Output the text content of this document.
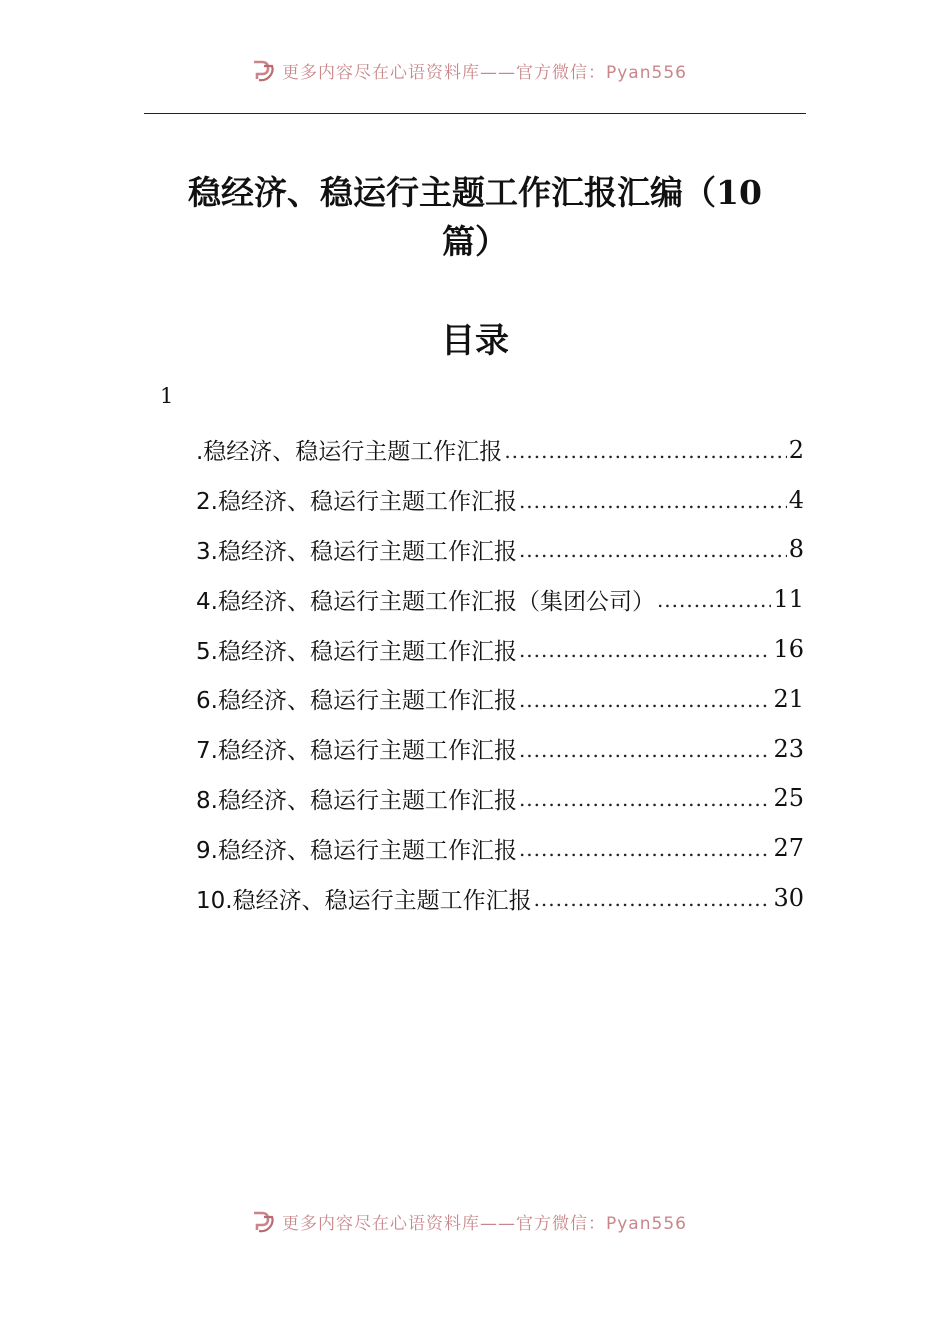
更多内容尽在心语资料库——官方微信：Pyan556
稳经济、稳运行主题工作汇报汇编（10
篇）
目录
1
.稳经济、稳运行主题工作汇报 .....	2
2.稳经济、稳运行主题工作汇报 .....	4
3.稳经济、稳运行主题工作汇报 .....	8
4.稳经济、稳运行主题工作汇报（集团公司） .....	11
5.稳经济、稳运行主题工作汇报 .....	16
6.稳经济、稳运行主题工作汇报 .....	21
7.稳经济、稳运行主题工作汇报 .....	23
8.稳经济、稳运行主题工作汇报 .....	25
9.稳经济、稳运行主题工作汇报 .....	27
10.稳经济、稳运行主题工作汇报 .....	30
更多内容尽在心语资料库——官方微信：Pyan556
